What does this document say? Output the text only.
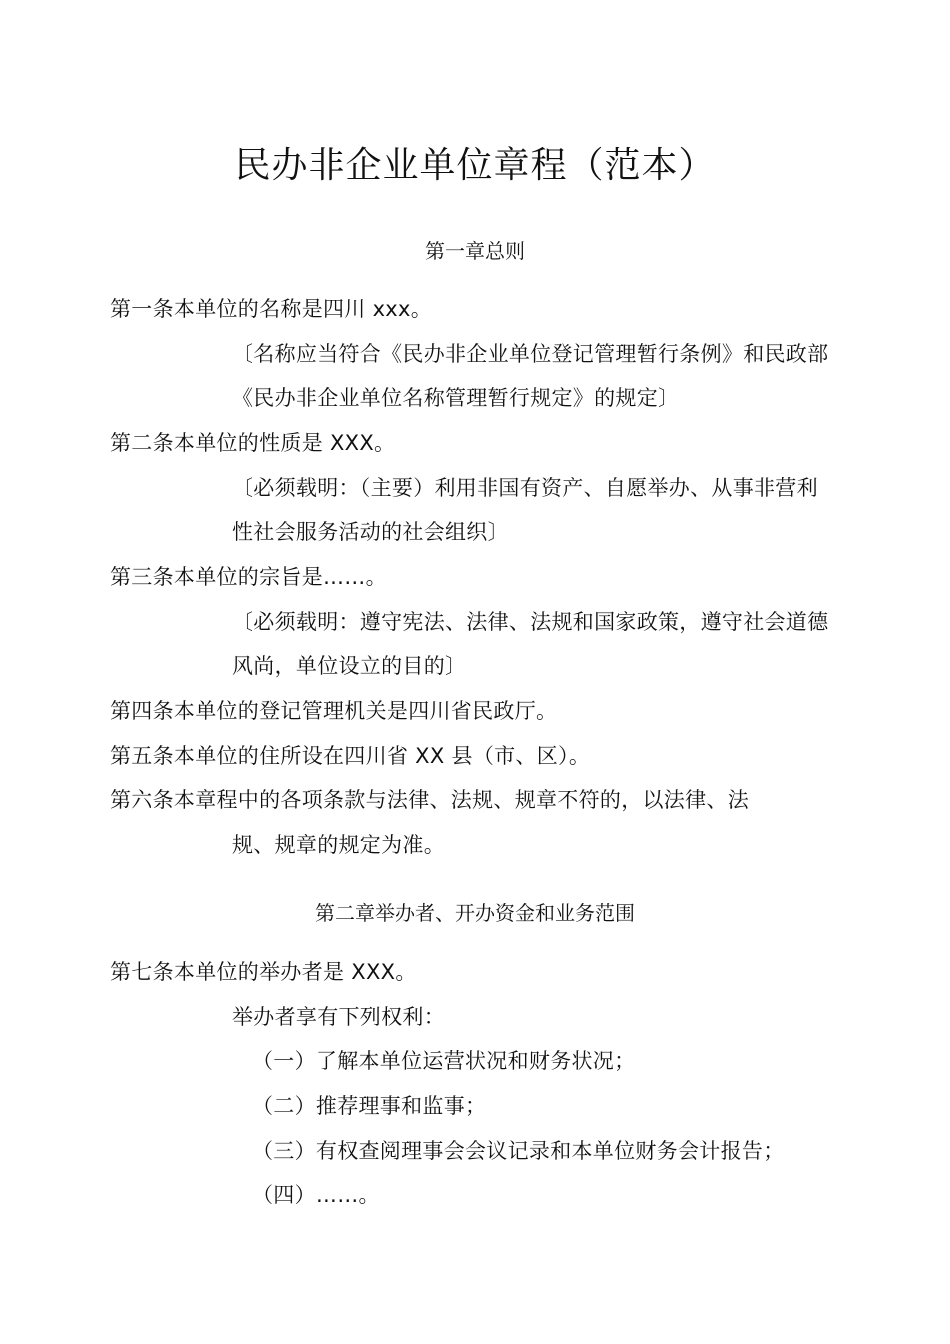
民办非企业单位章程（范本）
第一章总则
第一条本单位的名称是四川 xxx。
〔名称应当符合《民办非企业单位登记管理暂行条例》和民政部
《民办非企业单位名称管理暂行规定》的规定〕
第二条本单位的性质是 XXX。
〔必须载明：（主要）利用非国有资产、自愿举办、从事非营利
性社会服务活动的社会组织〕
第三条本单位的宗旨是……。
〔必须载明：遵守宪法、法律、法规和国家政策，遵守社会道德
风尚，单位设立的目的〕
第四条本单位的登记管理机关是四川省民政厅。
第五条本单位的住所设在四川省 XX 县（市、区）。
第六条本章程中的各项条款与法律、法规、规章不符的，以法律、法
规、规章的规定为准。
第二章举办者、开办资金和业务范围
第七条本单位的举办者是 XXX。
举办者享有下列权利：
（一）了解本单位运营状况和财务状况；
（二）推荐理事和监事；
（三）有权查阅理事会会议记录和本单位财务会计报告；
（四）……。
